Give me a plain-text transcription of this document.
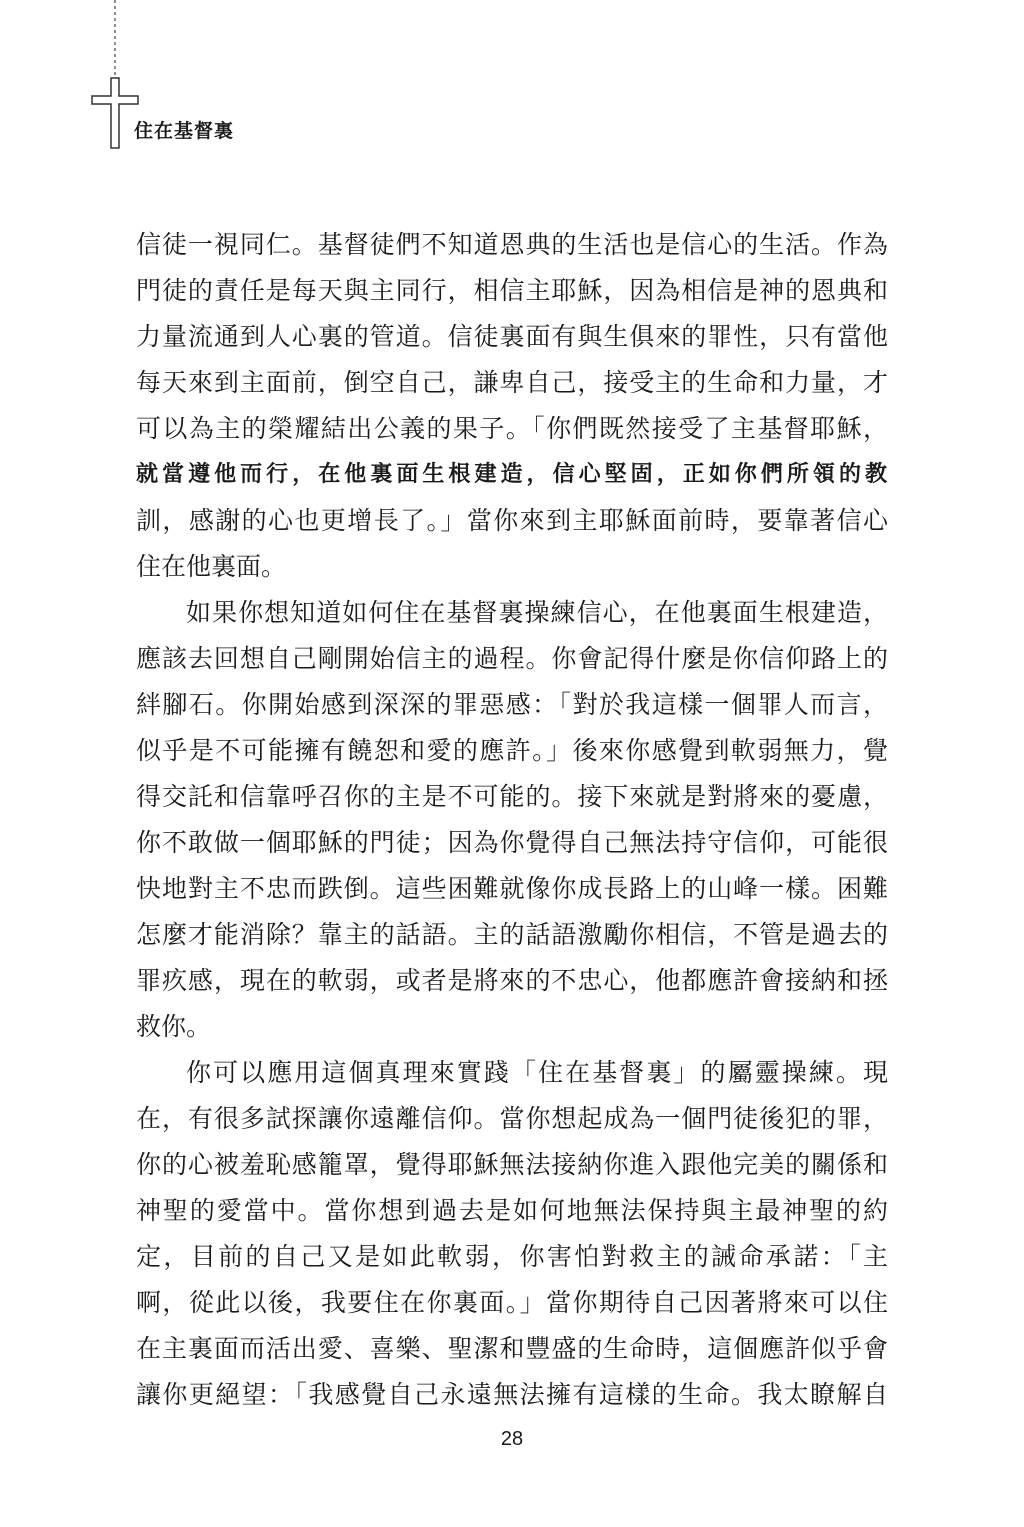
住在基督裏
信徒一視同仁。基督徒們不知道恩典的生活也是信心的生活。作為
門徒的責任是每天與主同行，相信主耶穌，因為相信是神的恩典和
力量流通到人心裏的管道。信徒裏面有與生俱來的罪性，只有當他
每天來到主面前，倒空自己，謙卑自己，接受主的生命和力量，才
可以為主的榮耀結出公義的果子。「你們既然接受了主基督耶穌，
就當遵他而行，在他裏面生根建造，信心堅固，正如你們所領的教
訓，感謝的心也更增長了。」當你來到主耶穌面前時，要靠著信心
住在他裏面。
如果你想知道如何住在基督裏操練信心，在他裏面生根建造，
應該去回想自己剛開始信主的過程。你會記得什麼是你信仰路上的
絆腳石。你開始感到深深的罪惡感：「對於我這樣一個罪人而言，
似乎是不可能擁有饒恕和愛的應許。」後來你感覺到軟弱無力，覺
得交託和信靠呼召你的主是不可能的。接下來就是對將來的憂慮，
你不敢做一個耶穌的門徒；因為你覺得自己無法持守信仰，可能很
快地對主不忠而跌倒。這些困難就像你成長路上的山峰一樣。困難
怎麼才能消除？靠主的話語。主的話語激勵你相信，不管是過去的
罪疚感，現在的軟弱，或者是將來的不忠心，他都應許會接納和拯
救你。
你可以應用這個真理來實踐「住在基督裏」的屬靈操練。現
在，有很多試探讓你遠離信仰。當你想起成為一個門徒後犯的罪，
你的心被羞恥感籠罩，覺得耶穌無法接納你進入跟他完美的關係和
神聖的愛當中。當你想到過去是如何地無法保持與主最神聖的約
定，目前的自己又是如此軟弱，你害怕對救主的誡命承諾：「主
啊，從此以後，我要住在你裏面。」當你期待自己因著將來可以住
在主裏面而活出愛、喜樂、聖潔和豐盛的生命時，這個應許似乎會
讓你更絕望：「我感覺自己永遠無法擁有這樣的生命。我太瞭解自
28
